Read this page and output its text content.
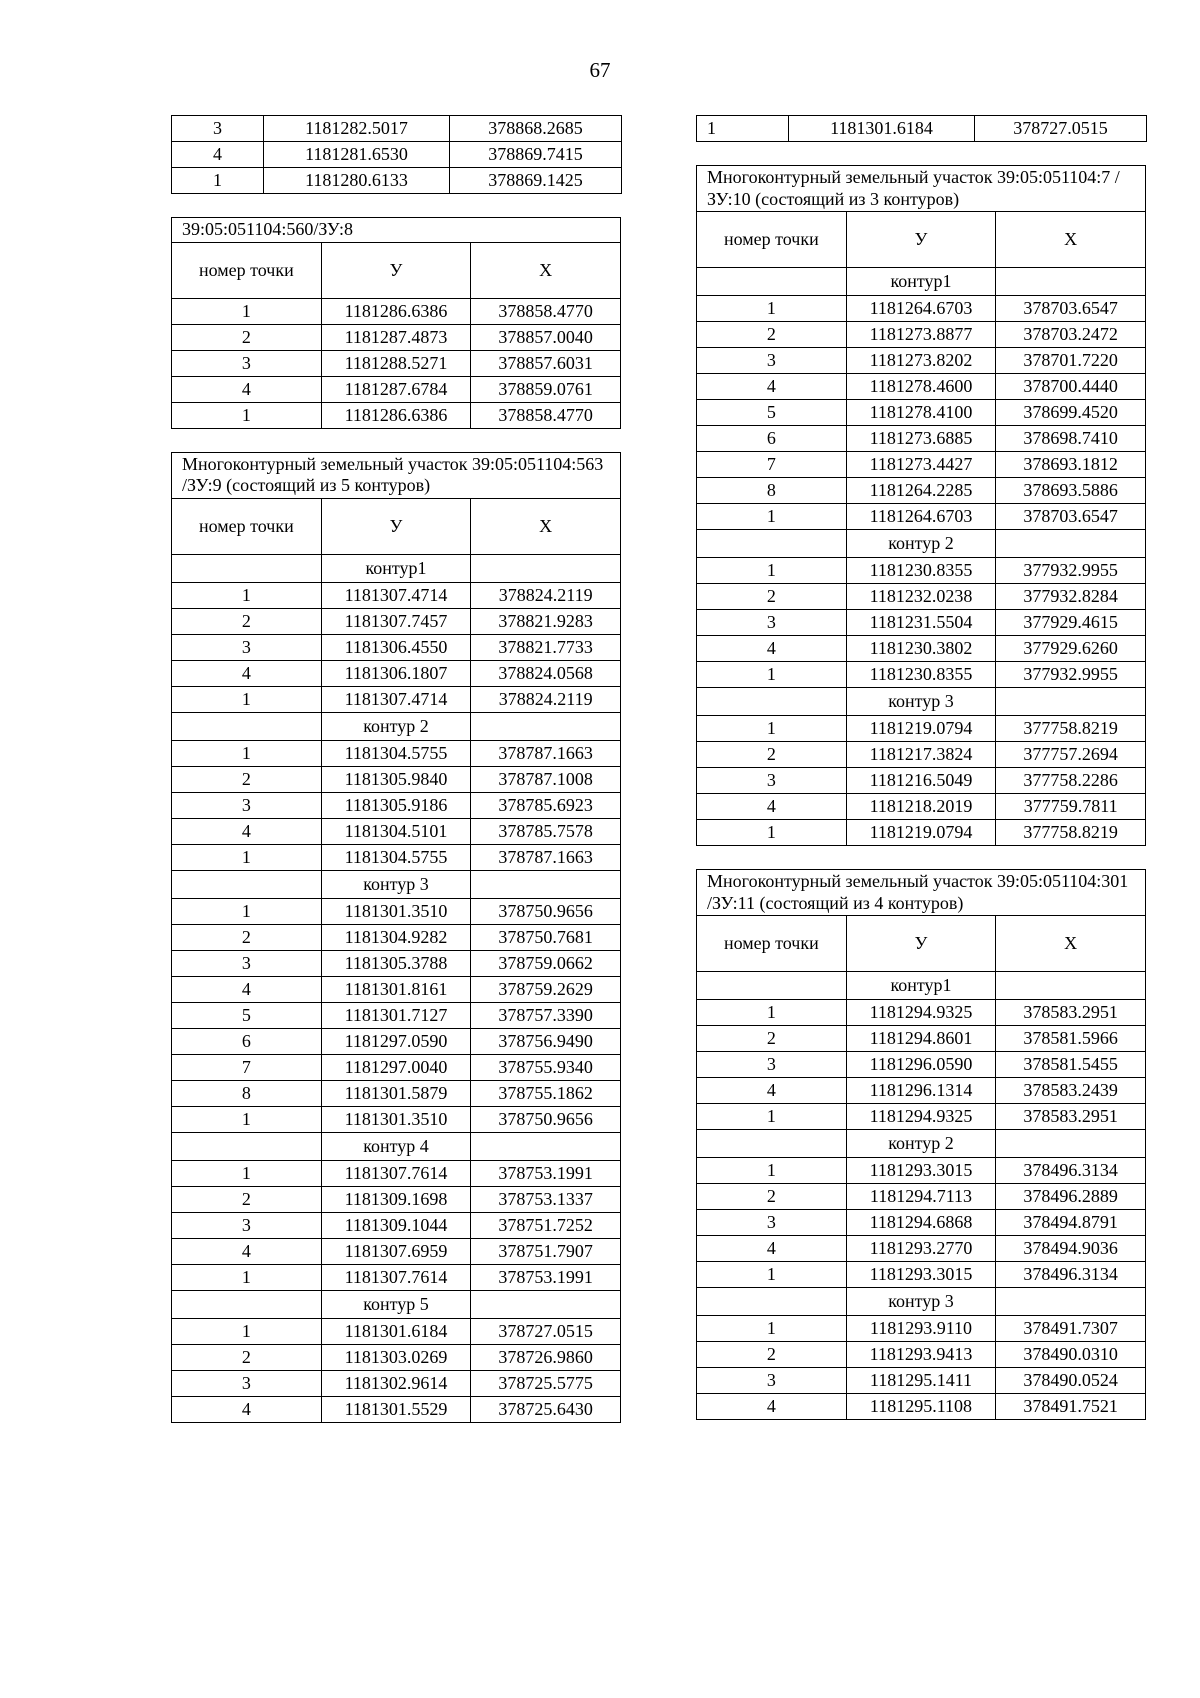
67
3	1181282.5017	378868.2685
4	1181281.6530	378869.7415
1	1181280.6133	378869.1425
39:05:051104:560/ЗУ:8		
номер точки	У	Х
1	1181286.6386	378858.4770
2	1181287.4873	378857.0040
3	1181288.5271	378857.6031
4	1181287.6784	378859.0761
1	1181286.6386	378858.4770
Многоконтурный земельный участок 39:05:051104:563 /ЗУ:9 (состоящий из 5 контуров)		
номер точки	У	Х
	контур1	
1	1181307.4714	378824.2119
2	1181307.7457	378821.9283
3	1181306.4550	378821.7733
4	1181306.1807	378824.0568
1	1181307.4714	378824.2119
	контур 2	
1	1181304.5755	378787.1663
2	1181305.9840	378787.1008
3	1181305.9186	378785.6923
4	1181304.5101	378785.7578
1	1181304.5755	378787.1663
	контур 3	
1	1181301.3510	378750.9656
2	1181304.9282	378750.7681
3	1181305.3788	378759.0662
4	1181301.8161	378759.2629
5	1181301.7127	378757.3390
6	1181297.0590	378756.9490
7	1181297.0040	378755.9340
8	1181301.5879	378755.1862
1	1181301.3510	378750.9656
	контур 4	
1	1181307.7614	378753.1991
2	1181309.1698	378753.1337
3	1181309.1044	378751.7252
4	1181307.6959	378751.7907
1	1181307.7614	378753.1991
	контур 5	
1	1181301.6184	378727.0515
2	1181303.0269	378726.9860
3	1181302.9614	378725.5775
4	1181301.5529	378725.6430
1	1181301.6184	378727.0515
Многоконтурный земельный участок 39:05:051104:7 /ЗУ:10 (состоящий из 3 контуров)		
номер точки	У	Х
	контур1	
1	1181264.6703	378703.6547
2	1181273.8877	378703.2472
3	1181273.8202	378701.7220
4	1181278.4600	378700.4440
5	1181278.4100	378699.4520
6	1181273.6885	378698.7410
7	1181273.4427	378693.1812
8	1181264.2285	378693.5886
1	1181264.6703	378703.6547
	контур 2	
1	1181230.8355	377932.9955
2	1181232.0238	377932.8284
3	1181231.5504	377929.4615
4	1181230.3802	377929.6260
1	1181230.8355	377932.9955
	контур 3	
1	1181219.0794	377758.8219
2	1181217.3824	377757.2694
3	1181216.5049	377758.2286
4	1181218.2019	377759.7811
1	1181219.0794	377758.8219
Многоконтурный земельный участок 39:05:051104:301 /ЗУ:11 (состоящий из 4 контуров)		
номер точки	У	Х
	контур1	
1	1181294.9325	378583.2951
2	1181294.8601	378581.5966
3	1181296.0590	378581.5455
4	1181296.1314	378583.2439
1	1181294.9325	378583.2951
	контур 2	
1	1181293.3015	378496.3134
2	1181294.7113	378496.2889
3	1181294.6868	378494.8791
4	1181293.2770	378494.9036
1	1181293.3015	378496.3134
	контур 3	
1	1181293.9110	378491.7307
2	1181293.9413	378490.0310
3	1181295.1411	378490.0524
4	1181295.1108	378491.7521
